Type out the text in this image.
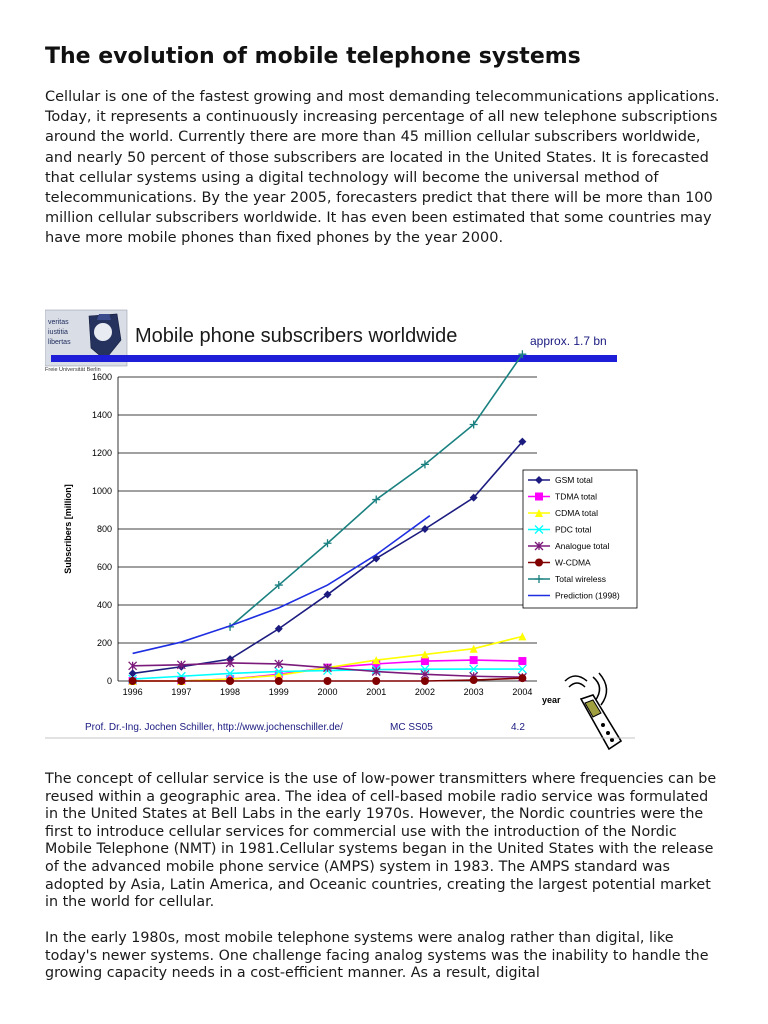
The evolution of mobile telephone systems

Cellular is one of the fastest growing and most demanding telecommunications applications. Today, it represents a continuously increasing percentage of all new telephone subscriptions around the world. Currently there are more than 45 million cellular subscribers worldwide, and nearly 50 percent of those subscribers are located in the United States. It is forecasted that cellular systems using a digital technology will become the universal method of telecommunications. By the year 2005, forecasters predict that there will be more than 100 million cellular subscribers worldwide. It has even been estimated that some countries may have more mobile phones than fixed phones by the year 2000.

veritas
iustitia
libertas
Freie Universität Berlin
Mobile phone subscribers worldwide	approx. 1.7 bn
0
200
400
600
800
1000
1200
1400
1600
1996	1997	1998	1999	2000	2001	2002	2003	2004
year
Subscribers [million]
GSM total
TDMA total
CDMA total
PDC total
Analogue total
W-CDMA
Total wireless
Prediction (1998)
Prof. Dr.-Ing. Jochen Schiller, http://www.jochenschiller.de/	MC SS05	4.2

The concept of cellular service is the use of low-power transmitters where frequencies can be reused within a geographic area. The idea of cell-based mobile radio service was formulated in the United States at Bell Labs in the early 1970s. However, the Nordic countries were the first to introduce cellular services for commercial use with the introduction of the Nordic Mobile Telephone (NMT) in 1981.Cellular systems began in the United States with the release of the advanced mobile phone service (AMPS) system in 1983. The AMPS standard was adopted by Asia, Latin America, and Oceanic countries, creating the largest potential market in the world for cellular.

In the early 1980s, most mobile telephone systems were analog rather than digital, like today's newer systems. One challenge facing analog systems was the inability to handle the growing capacity needs in a cost-efficient manner. As a result, digital
